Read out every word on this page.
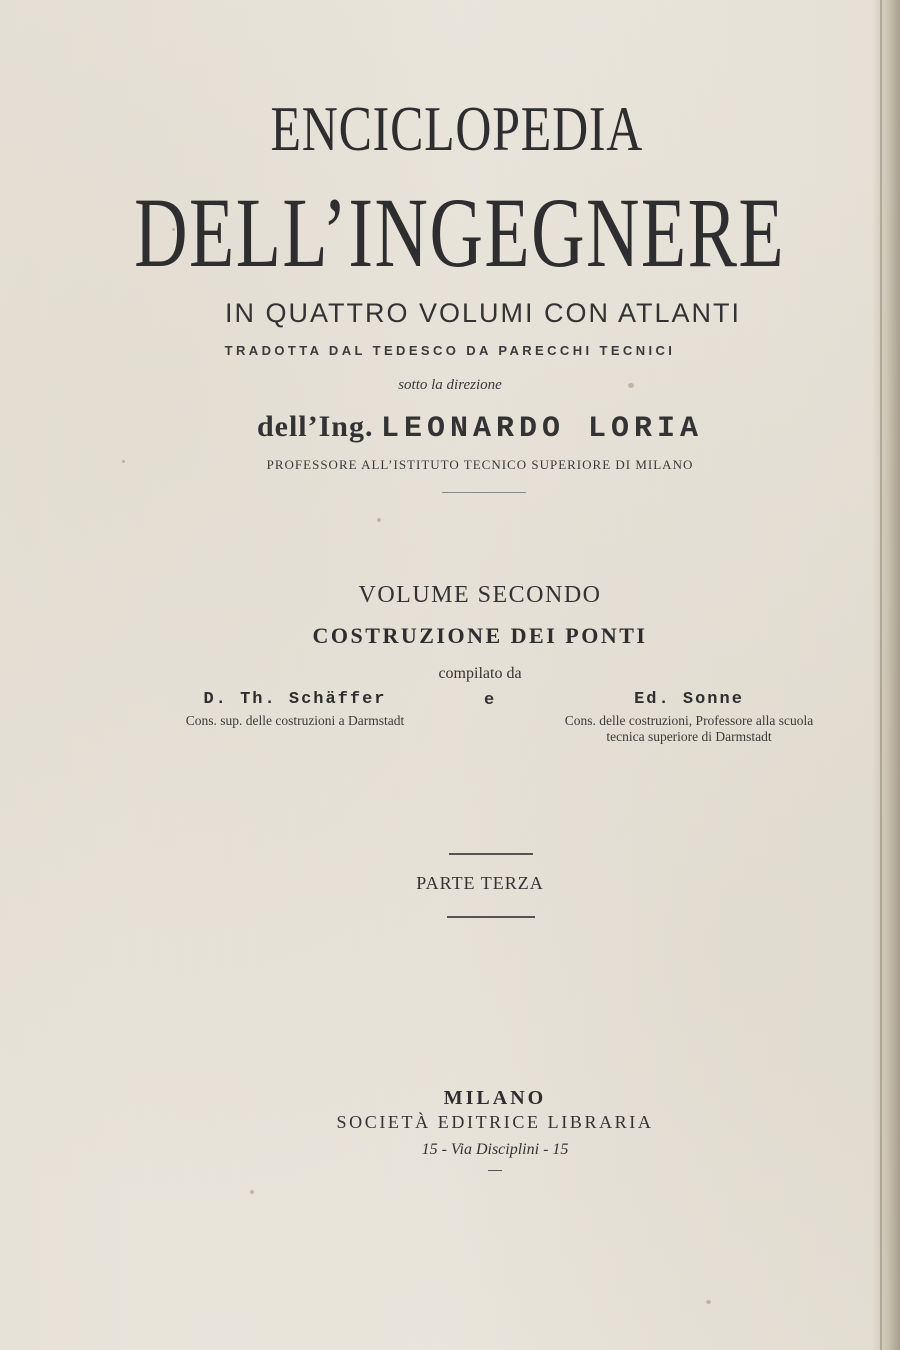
ENCICLOPEDIA
DELL’INGEGNERE
IN QUATTRO VOLUMI CON ATLANTI
TRADOTTA DAL TEDESCO DA PARECCHI TECNICI
sotto la direzione
dell’Ing. LEONARDO LORIA
PROFESSORE ALL’ISTITUTO TECNICO SUPERIORE DI MILANO
VOLUME SECONDO
COSTRUZIONE DEI PONTI
compilato da
D. Th. Schäffer
Cons. sup. delle costruzioni a Darmstadt
e	Ed. Sonne
Cons. delle costruzioni, Professore alla scuola
tecnica superiore di Darmstadt
PARTE TERZA
MILANO
SOCIETÀ EDITRICE LIBRARIA
15 - Via Disciplini - 15
